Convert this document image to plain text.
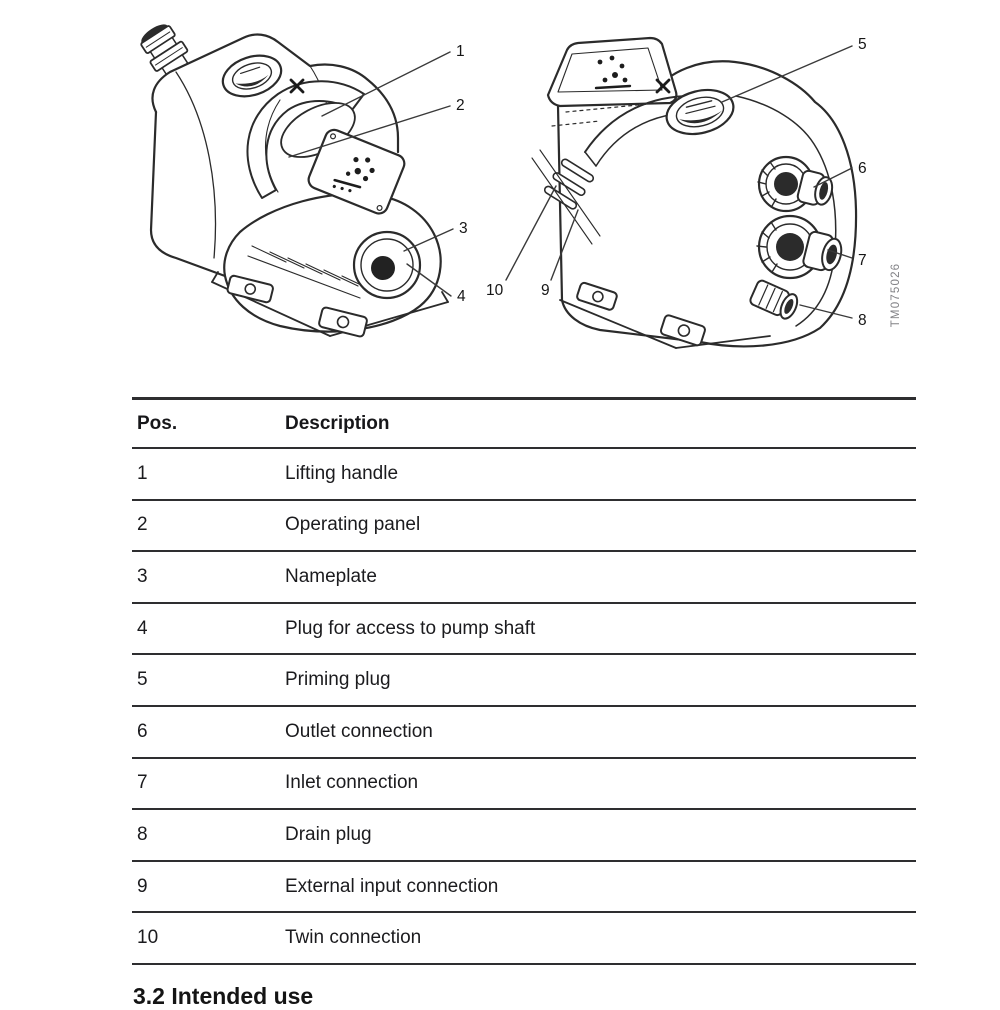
1
2
3
4
5
6
7
8
9
10	TM075026
Pos.	Description
1	Lifting handle
2	Operating panel
3	Nameplate
4	Plug for access to pump shaft
5	Priming plug
6	Outlet connection
7	Inlet connection
8	Drain plug
9	External input connection
10	Twin connection
3.2 Intended use
